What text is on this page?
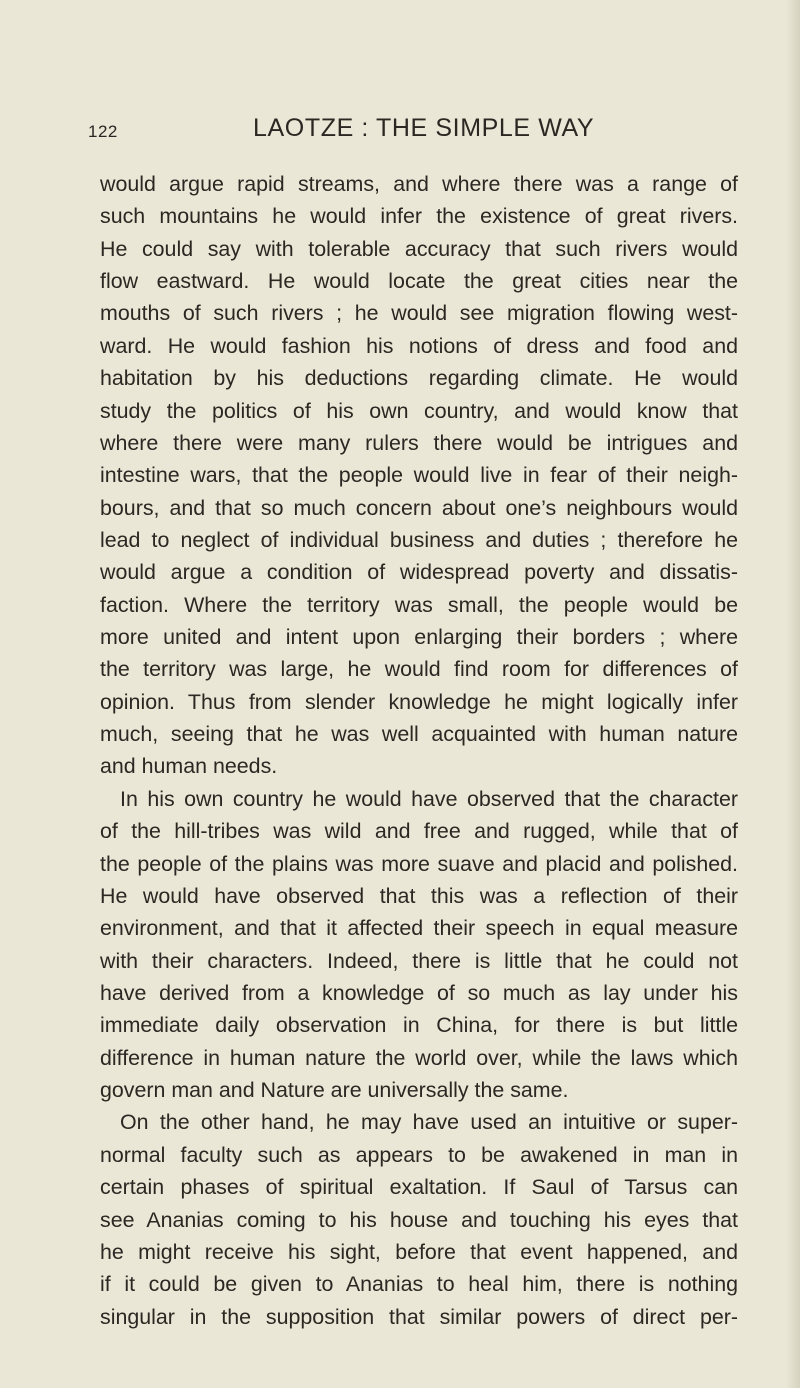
122	LAOTZE : THE SIMPLE WAY
would argue rapid streams, and where there was a range of
such mountains he would infer the existence of great rivers.
He could say with tolerable accuracy that such rivers would
flow eastward. He would locate the great cities near the
mouths of such rivers ; he would see migration flowing west-
ward. He would fashion his notions of dress and food and
habitation by his deductions regarding climate. He would
study the politics of his own country, and would know that
where there were many rulers there would be intrigues and
intestine wars, that the people would live in fear of their neigh-
bours, and that so much concern about one’s neighbours would
lead to neglect of individual business and duties ; therefore he
would argue a condition of widespread poverty and dissatis-
faction. Where the territory was small, the people would be
more united and intent upon enlarging their borders ; where
the territory was large, he would find room for differences of
opinion. Thus from slender knowledge he might logically infer
much, seeing that he was well acquainted with human nature
and human needs.
In his own country he would have observed that the character
of the hill-tribes was wild and free and rugged, while that of
the people of the plains was more suave and placid and polished.
He would have observed that this was a reflection of their
environment, and that it affected their speech in equal measure
with their characters. Indeed, there is little that he could not
have derived from a knowledge of so much as lay under his
immediate daily observation in China, for there is but little
difference in human nature the world over, while the laws which
govern man and Nature are universally the same.
On the other hand, he may have used an intuitive or super-
normal faculty such as appears to be awakened in man in
certain phases of spiritual exaltation. If Saul of Tarsus can
see Ananias coming to his house and touching his eyes that
he might receive his sight, before that event happened, and
if it could be given to Ananias to heal him, there is nothing
singular in the supposition that similar powers of direct per-
